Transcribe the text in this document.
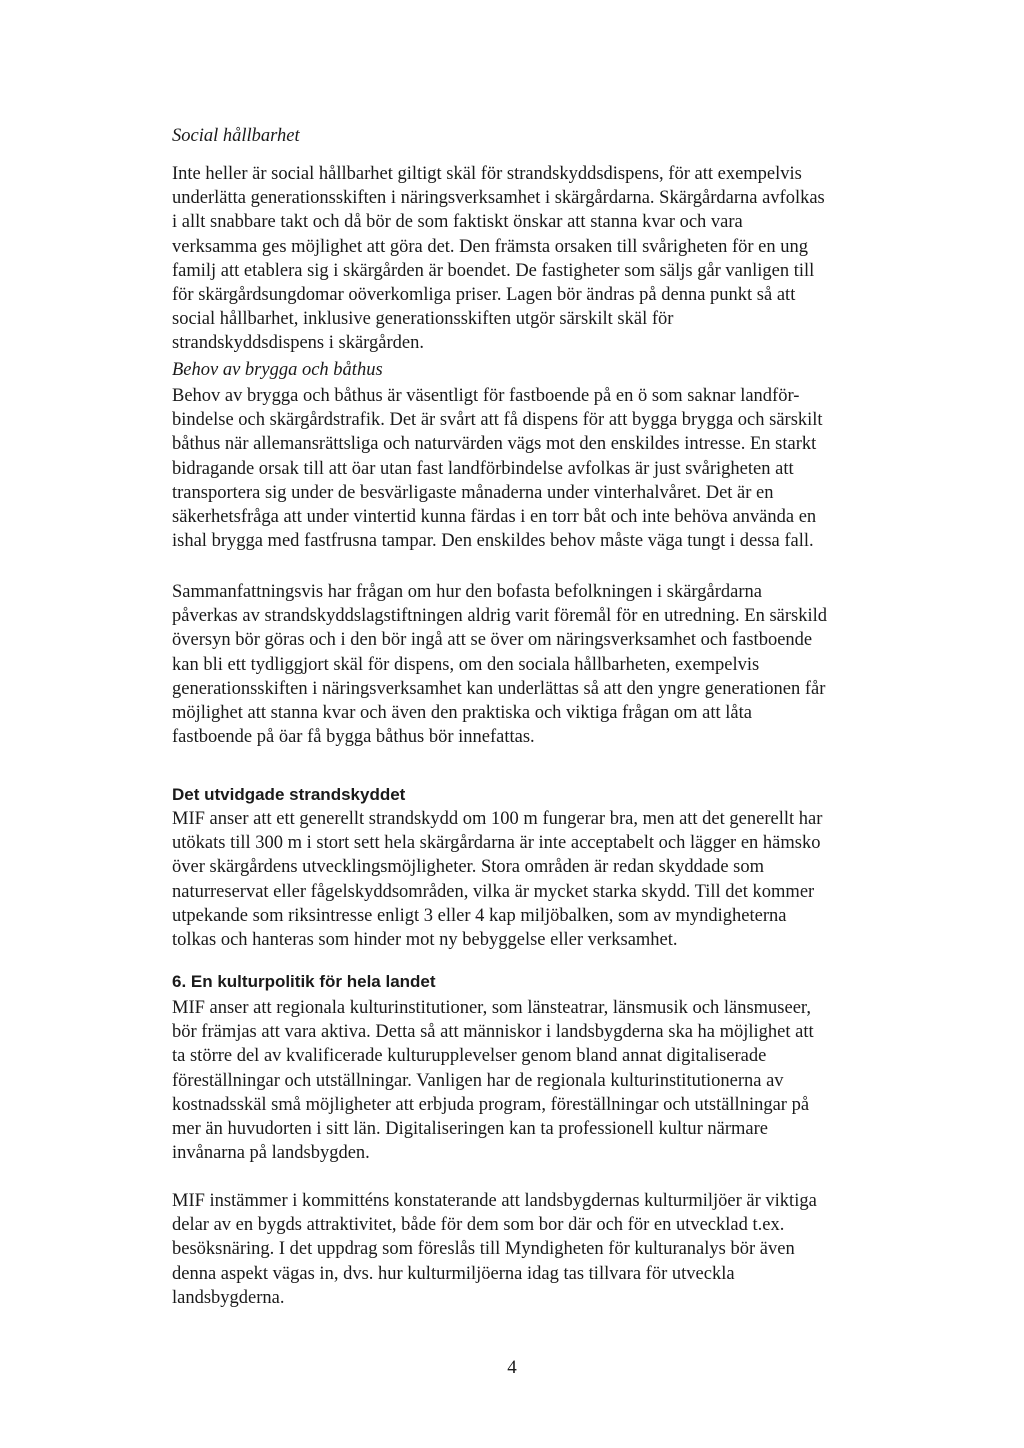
Social hållbarhet

Inte heller är social hållbarhet giltigt skäl för strandskyddsdispens, för att exempelvis
underlätta generationsskiften i näringsverksamhet i skärgårdarna. Skärgårdarna avfolkas
i allt snabbare takt och då bör de som faktiskt önskar att stanna kvar och vara
verksamma ges möjlighet att göra det. Den främsta orsaken till svårigheten för en ung
familj att etablera sig i skärgården är boendet. De fastigheter som säljs går vanligen till
för skärgårdsungdomar oöverkomliga priser. Lagen bör ändras på denna punkt så att
social hållbarhet, inklusive generationsskiften utgör särskilt skäl för
strandskyddsdispens i skärgården.

Behov av brygga och båthus

Behov av brygga och båthus är väsentligt för fastboende på en ö som saknar landför-
bindelse och skärgårdstrafik. Det är svårt att få dispens för att bygga brygga och särskilt
båthus när allemansrättsliga och naturvärden vägs mot den enskildes intresse. En starkt
bidragande orsak till att öar utan fast landförbindelse avfolkas är just svårigheten att
transportera sig under de besvärligaste månaderna under vinterhalvåret. Det är en
säkerhetsfråga att under vintertid kunna färdas i en torr båt och inte behöva använda en
ishal brygga med fastfrusna tampar. Den enskildes behov måste väga tungt i dessa fall.

Sammanfattningsvis har frågan om hur den bofasta befolkningen i skärgårdarna
påverkas av strandskyddslagstiftningen aldrig varit föremål för en utredning. En särskild
översyn bör göras och i den bör ingå att se över om näringsverksamhet och fastboende
kan bli ett tydliggjort skäl för dispens, om den sociala hållbarheten, exempelvis
generationsskiften i näringsverksamhet kan underlättas så att den yngre generationen får
möjlighet att stanna kvar och även den praktiska och viktiga frågan om att låta
fastboende på öar få bygga båthus bör innefattas.

Det utvidgade strandskyddet

MIF anser att ett generellt strandskydd om 100 m fungerar bra, men att det generellt har
utökats till 300 m i stort sett hela skärgårdarna är inte acceptabelt och lägger en hämsko
över skärgårdens utvecklingsmöjligheter. Stora områden är redan skyddade som
naturreservat eller fågelskyddsområden, vilka är mycket starka skydd. Till det kommer
utpekande som riksintresse enligt 3 eller 4 kap miljöbalken, som av myndigheterna
tolkas och hanteras som hinder mot ny bebyggelse eller verksamhet.

6. En kulturpolitik för hela landet

MIF anser att regionala kulturinstitutioner, som länsteatrar, länsmusik och länsmuseer,
bör främjas att vara aktiva. Detta så att människor i landsbygderna ska ha möjlighet att
ta större del av kvalificerade kulturupplevelser genom bland annat digitaliserade
föreställningar och utställningar. Vanligen har de regionala kulturinstitutionerna av
kostnadsskäl små möjligheter att erbjuda program, föreställningar och utställningar på
mer än huvudorten i sitt län. Digitaliseringen kan ta professionell kultur närmare
invånarna på landsbygden.

MIF instämmer i kommitténs konstaterande att landsbygdernas kulturmiljöer är viktiga
delar av en bygds attraktivitet, både för dem som bor där och för en utvecklad t.ex.
besöksnäring. I det uppdrag som föreslås till Myndigheten för kulturanalys bör även
denna aspekt vägas in, dvs. hur kulturmiljöerna idag tas tillvara för utveckla
landsbygderna.

4
